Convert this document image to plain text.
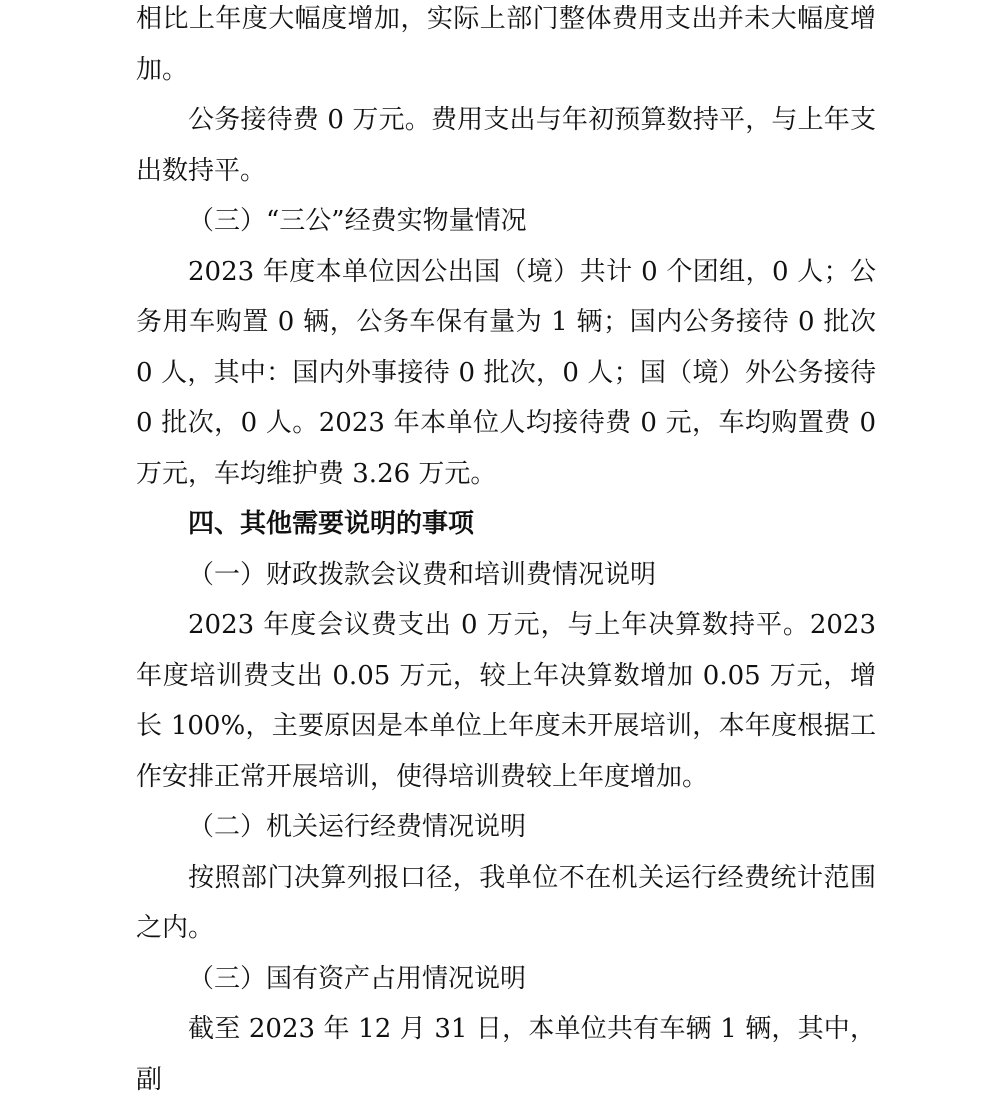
相比上年度大幅度增加，实际上部门整体费用支出并未大幅度增加。

公务接待费 0 万元。费用支出与年初预算数持平，与上年支出数持平。

（三）“三公”经费实物量情况

2023 年度本单位因公出国（境）共计 0 个团组，0 人；公务用车购置 0 辆，公务车保有量为 1 辆；国内公务接待 0 批次 0 人，其中：国内外事接待 0 批次，0 人；国（境）外公务接待 0 批次，0 人。2023 年本单位人均接待费 0 元，车均购置费 0 万元，车均维护费 3.26 万元。

四、其他需要说明的事项

（一）财政拨款会议费和培训费情况说明

2023 年度会议费支出 0 万元，与上年决算数持平。2023 年度培训费支出 0.05 万元，较上年决算数增加 0.05 万元，增长 100%，主要原因是本单位上年度未开展培训，本年度根据工作安排正常开展培训，使得培训费较上年度增加。

（二）机关运行经费情况说明

按照部门决算列报口径，我单位不在机关运行经费统计范围之内。

（三）国有资产占用情况说明

截至 2023 年 12 月 31 日，本单位共有车辆 1 辆，其中，副
